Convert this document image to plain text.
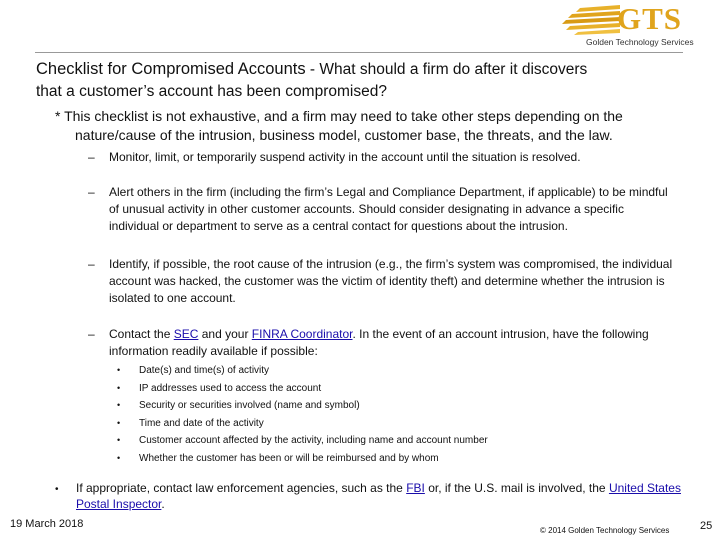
GTS
Golden Technology Services
Checklist for Compromised Accounts - What should a firm do after it discovers
that a customer’s account has been compromised?
* This checklist is not exhaustive, and a firm may need to take other steps depending on the
nature/cause of the intrusion, business model, customer base, the threats, and the law.
– Monitor, limit, or temporarily suspend activity in the account until the situation is resolved.
– Alert others in the firm (including the firm’s Legal and Compliance Department, if applicable) to be mindful of unusual activity in other customer accounts. Should consider designating in advance a specific individual or department to serve as a central contact for questions about the intrusion.
– Identify, if possible, the root cause of the intrusion (e.g., the firm’s system was compromised, the individual account was hacked, the customer was the victim of identity theft) and determine whether the intrusion is isolated to one account.
– Contact the SEC and your FINRA Coordinator. In the event of an account intrusion, have the following information readily available if possible:
• Date(s) and time(s) of activity
• IP addresses used to access the account
• Security or securities involved (name and symbol)
• Time and date of the activity
• Customer account affected by the activity, including name and account number
• Whether the customer has been or will be reimbursed and by whom
• If appropriate, contact law enforcement agencies, such as the FBI or, if the U.S. mail is involved, the United States Postal Inspector.
19 March 2018
© 2014 Golden Technology Services	25
